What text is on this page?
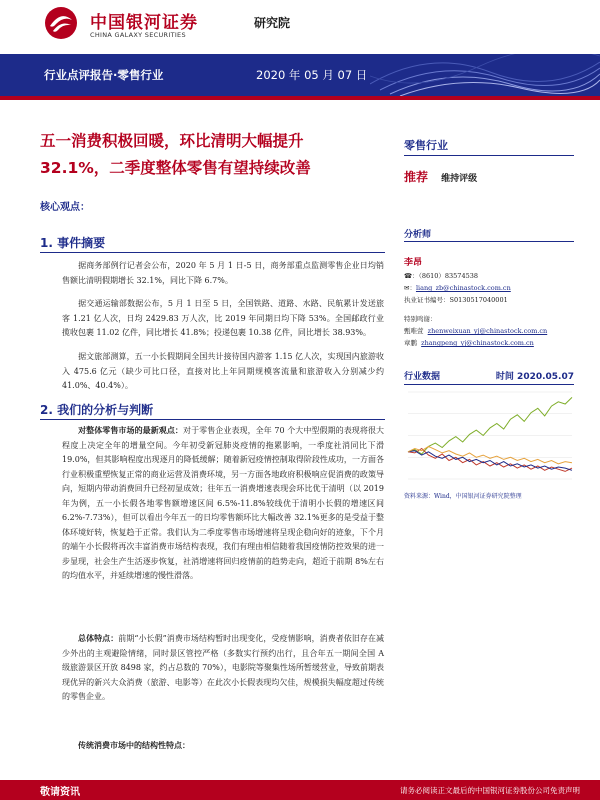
中国银河证券
CHINA GALAXY SECURITIES
研究院
行业点评报告·零售行业	2020 年 05 月 07 日
五一消费积极回暖，环比清明大幅提升
32.1%，二季度整体零售有望持续改善
核心观点：
1. 事件摘要
据商务部例行记者会公布，2020 年 5 月 1 日-5 日，商务部重点监测零售企业日均销售额比清明假期增长 32.1%，同比下降 6.7%。
据交通运输部数据公布，5 月 1 日至 5 日，全国铁路、道路、水路、民航累计发送旅客 1.21 亿人次，日均 2429.83 万人次，比 2019 年同期日均下降 53%。全国邮政行业揽收包裹 11.02 亿件，同比增长 41.8%；投递包裹 10.38 亿件，同比增长 38.93%。
据文旅部测算，五一小长假期间全国共计接待国内游客 1.15 亿人次，实现国内旅游收入 475.6 亿元（缺少可比口径，直接对比上年同期规模客流量和旅游收入分别减少约 41.0%、40.4%）。
2. 我们的分析与判断
对整体零售市场的最新观点：对于零售企业表现，全年 70 个大中型假期的表现将很大程度上决定全年的增量空间。今年初受新冠肺炎疫情的拖累影响，一季度社消同比下滑 19.0%，但其影响程度出现逐月的降低缓解；随着新冠疫情控制取得阶段性成功，一方面各行业积极重塑恢复正常的商业运营及消费环境，另一方面各地政府积极响应促消费的政策导向，短期内带动消费回升已经初显成效；往年五一消费增速表现会环比优于清明（以 2019 年为例，五一小长假各地零售额增速区间 6.5%-11.8%较线优于清明小长假的增速区间 6.2%-7.73%），但可以看出今年五一的日均零售额环比大幅改善 32.1%更多的是受益于整体环境好转，恢复趋于正常。我们认为二季度零售市场增速将呈现企稳向好的迹象，下个月的端午小长假将再次丰富消费市场结构表现，我们有理由相信随着我国疫情防控效果的进一步显现，社会生产生活逐步恢复，社消增速将回归疫情前的趋势走向，超近于前期 8%左右的均值水平，并延续增速的慢性滑落。
总体特点：前期“小长假”消费市场结构暂时出现变化，受疫情影响，消费者依旧存在减少外出的主观避险情绪，同时景区管控严格（多数实行预约出行，且合年五一期间全国 A 级旅游景区开放 8498 家，约占总数的 70%），电影院等聚集性场所暂缓营业，导致前期表现优异的新兴大众消费（旅游、电影等）在此次小长假表现均欠佳，规模损失幅度超过传统的零售企业。
传统消费市场中的结构性特点：
零售行业
推荐 维持评级
分析师
李昂
☎：（8610）83574538
✉：liang_zb@chinastock.com.cn
执业证书编号：S0130517040001
特别鸣谢：
甄唯萱 zhenweixuan_yj@chinastock.com.cn
章鹏 zhangpeng_yj@chinastock.com.cn
行业数据	时间 2020.05.07
资料来源：Wind，中国银河证券研究院整理
敬请资讯	请务必阅读正文最后的中国银河证券股份公司免责声明
